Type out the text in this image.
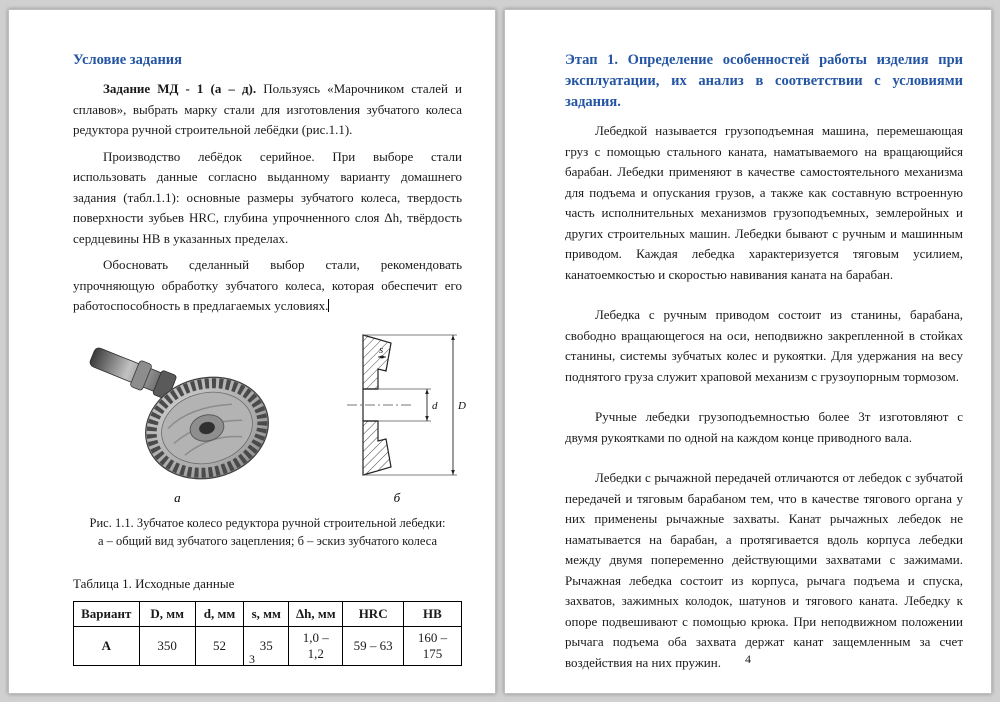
Условие задания

Задание МД - 1 (а – д). Пользуясь «Марочником сталей и сплавов», выбрать марку стали для изготовления зубчатого колеса редуктора ручной строительной лебёдки (рис.1.1).

Производство лебёдок серийное. При выборе стали использовать данные согласно выданному варианту домашнего задания (табл.1.1): основные размеры зубчатого колеса, твердость поверхности зубьев HRC, глубина упрочненного слоя Δh, твёрдость сердцевины НВ в указанных пределах.

Обосновать сделанный выбор стали, рекомендовать упрочняющую обработку зубчатого колеса, которая обеспечит его работоспособность в предлагаемых условиях.

s
d D
а	б
Рис. 1.1. Зубчатое колесо редуктора ручной строительной лебедки:
а – общий вид зубчатого зацепления; б – эскиз зубчатого колеса
Таблица 1. Исходные данные
Вариант	D, мм	d, мм	s, мм	Δh, мм	HRC	НВ
А	350	52	35	1,0 – 1,2	59 – 63	160 – 175
3
Этап 1. Определение особенностей работы изделия при эксплуатации, их анализ в соответствии с условиями задания.

Лебедкой называется грузоподъемная машина, перемешающая груз с помощью стального каната, наматываемого на вращающийся барабан. Лебедки применяют в качестве самостоятельного механизма для подъема и опускания грузов, а также как составную встроенную часть исполнительных механизмов грузоподъемных, землеройных и других строительных машин. Лебедки бывают с ручным и машинным приводом. Каждая лебедка характеризуется тяговым усилием, канатоемкостью и скоростью навивания каната на барабан.

Лебедка с ручным приводом состоит из станины, барабана, свободно вращающегося на оси, неподвижно закрепленной в стойках станины, системы зубчатых колес и рукоятки. Для удержания на весу поднятого груза служит храповой механизм с грузоупорным тормозом.

Ручные лебедки грузоподъемностью более 3т изготовляют с двумя рукоятками по одной на каждом конце приводного вала.

Лебедки с рычажной передачей отличаются от лебедок с зубчатой передачей и тяговым барабаном тем, что в качестве тягового органа у них применены рычажные захваты. Канат рычажных лебедок не наматывается на барабан, а протягивается вдоль корпуса лебедки между двумя попеременно действующими захватами с зажимами. Рычажная лебедка состоит из корпуса, рычага подъема и спуска, захватов, зажимных колодок, шатунов и тягового каната. Лебедку к опоре подвешивают с помощью крюка. При неподвижном положении рычага подъема оба захвата держат канат защемленным за счет воздействия на них пружин.	4
